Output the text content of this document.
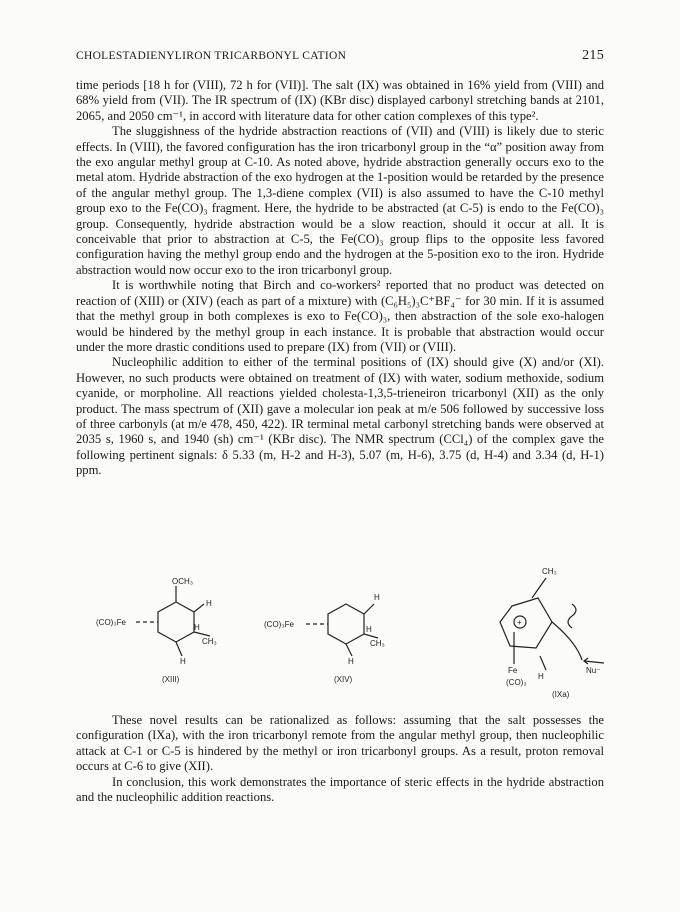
CHOLESTADIENYLIRON TRICARBONYL CATION	215

time periods [18 h for (VIII), 72 h for (VII)]. The salt (IX) was obtained in 16% yield from (VIII) and 68% yield from (VII). The IR spectrum of (IX) (KBr disc) displayed carbonyl stretching bands at 2101, 2065, and 2050 cm⁻¹, in accord with literature data for other cation complexes of this type².

The sluggishness of the hydride abstraction reactions of (VII) and (VIII) is likely due to steric effects. In (VIII), the favored configuration has the iron tricarbonyl group in the “α” position away from the exo angular methyl group at C-10. As noted above, hydride abstraction generally occurs exo to the metal atom. Hydride abstraction of the exo hydrogen at the 1-position would be retarded by the presence of the angular methyl group. The 1,3-diene complex (VII) is also assumed to have the C-10 methyl group exo to the Fe(CO)₃ fragment. Here, the hydride to be abstracted (at C-5) is endo to the Fe(CO)₃ group. Consequently, hydride abstraction would be a slow reaction, should it occur at all. It is conceivable that prior to abstraction at C-5, the Fe(CO)₃ group flips to the opposite less favored configuration having the methyl group endo and the hydrogen at the 5-position exo to the iron. Hydride abstraction would now occur exo to the iron tricarbonyl group.

It is worthwhile noting that Birch and co-workers² reported that no product was detected on reaction of (XIII) or (XIV) (each as part of a mixture) with (C₆H₅)₃C⁺BF₄⁻ for 30 min. If it is assumed that the methyl group in both complexes is exo to Fe(CO)₃, then abstraction of the sole exo-halogen would be hindered by the methyl group in each instance. It is probable that abstraction would occur under the more drastic conditions used to prepare (IX) from (VII) or (VIII).

Nucleophilic addition to either of the terminal positions of (IX) should give (X) and/or (XI). However, no such products were obtained on treatment of (IX) with water, sodium methoxide, sodium cyanide, or morpholine. All reactions yielded cholesta-1,3,5-trieneiron tricarbonyl (XII) as the only product. The mass spectrum of (XII) gave a molecular ion peak at m/e 506 followed by successive loss of three carbonyls (at m/e 478, 450, 422). IR terminal metal carbonyl stretching bands were observed at 2035 s, 1960 s, and 1940 (sh) cm⁻¹ (KBr disc). The NMR spectrum (CCl₄) of the complex gave the following pertinent signals: δ 5.33 (m, H-2 and H-3), 5.07 (m, H-6), 3.75 (d, H-4) and 3.34 (d, H-1) ppm.

OCH₃
H
H
CH₃
H
(CO)₃Fe
(XIII)
H
H
CH₃
H
(CO)₃Fe
(XIV)
CH₃
+
Fe
(CO)₃
H
Nu⁻
(IXa)

These novel results can be rationalized as follows: assuming that the salt possesses the configuration (IXa), with the iron tricarbonyl remote from the angular methyl group, then nucleophilic attack at C-1 or C-5 is hindered by the methyl or iron tricarbonyl groups. As a result, proton removal occurs at C-6 to give (XII).

In conclusion, this work demonstrates the importance of steric effects in the hydride abstraction and the nucleophilic addition reactions.
